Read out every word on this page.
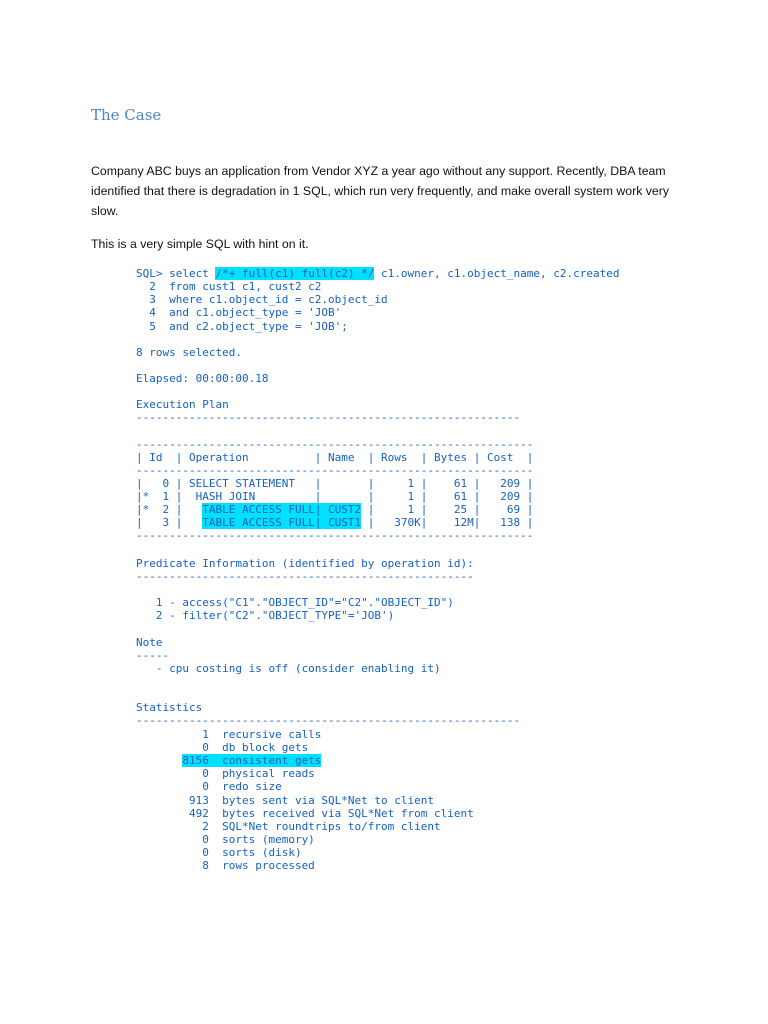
The Case

Company ABC buys an application from Vendor XYZ a year ago without any support. Recently, DBA team identified that there is degradation in 1 SQL, which run very frequently, and make overall system work very slow.

This is a very simple SQL with hint on it.

SQL> select /*+ full(c1) full(c2) */ c1.owner, c1.object_name, c2.created
2  from cust1 c1, cust2 c2
3  where c1.object_id = c2.object_id
4  and c1.object_type = 'JOB'
5  and c2.object_type = 'JOB';
8 rows selected.
Elapsed: 00:00:00.18
Execution Plan
----------------------------------------------------------
------------------------------------------------------------
| Id  | Operation          | Name  | Rows  | Bytes | Cost  |
------------------------------------------------------------
|   0 | SELECT STATEMENT   |       |     1 |    61 |   209 |
|*  1 |  HASH JOIN         |       |     1 |    61 |   209 |
|*  2 |   TABLE ACCESS FULL| CUST2 |     1 |    25 |    69 |
|   3 |   TABLE ACCESS FULL| CUST1 |   370K|    12M|   138 |
------------------------------------------------------------
Predicate Information (identified by operation id):
---------------------------------------------------
1 - access("C1"."OBJECT_ID"="C2"."OBJECT_ID")
2 - filter("C2"."OBJECT_TYPE"='JOB')
Note
-----
- cpu costing is off (consider enabling it)
Statistics
----------------------------------------------------------
1  recursive calls
0  db block gets
8156  consistent gets
0  physical reads
0  redo size
913  bytes sent via SQL*Net to client
492  bytes received via SQL*Net from client
2  SQL*Net roundtrips to/from client
0  sorts (memory)
0  sorts (disk)
8  rows processed
